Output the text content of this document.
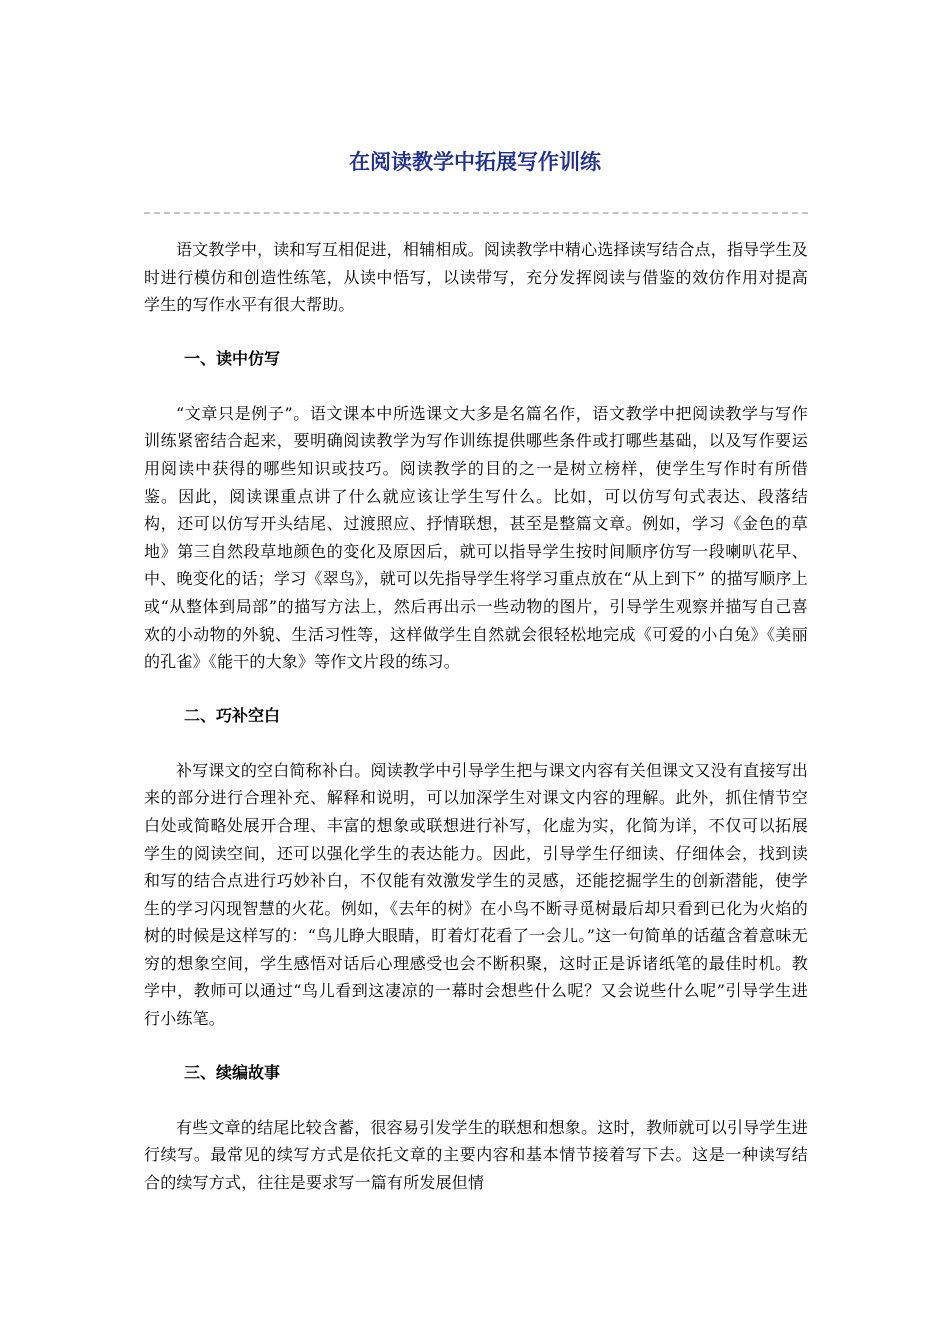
在阅读教学中拓展写作训练

语文教学中，读和写互相促进，相辅相成。阅读教学中精心选择读写结合点，指导学生及时进行模仿和创造性练笔，从读中悟写，以读带写，充分发挥阅读与借鉴的效仿作用对提高学生的写作水平有很大帮助。

一、读中仿写

“文章只是例子”。语文课本中所选课文大多是名篇名作，语文教学中把阅读教学与写作训练紧密结合起来，要明确阅读教学为写作训练提供哪些条件或打哪些基础，以及写作要运用阅读中获得的哪些知识或技巧。阅读教学的目的之一是树立榜样，使学生写作时有所借鉴。因此，阅读课重点讲了什么就应该让学生写什么。比如，可以仿写句式表达、段落结构，还可以仿写开头结尾、过渡照应、抒情联想，甚至是整篇文章。例如，学习《金色的草地》第三自然段草地颜色的变化及原因后，就可以指导学生按时间顺序仿写一段喇叭花早、中、晚变化的话；学习《翠鸟》，就可以先指导学生将学习重点放在“从上到下” 的描写顺序上或“从整体到局部”的描写方法上，然后再出示一些动物的图片，引导学生观察并描写自己喜欢的小动物的外貌、生活习性等，这样做学生自然就会很轻松地完成《可爱的小白兔》《美丽的孔雀》《能干的大象》等作文片段的练习。

二、巧补空白

补写课文的空白简称补白。阅读教学中引导学生把与课文内容有关但课文又没有直接写出来的部分进行合理补充、解释和说明，可以加深学生对课文内容的理解。此外，抓住情节空白处或简略处展开合理、丰富的想象或联想进行补写，化虚为实，化简为详，不仅可以拓展学生的阅读空间，还可以强化学生的表达能力。因此，引导学生仔细读、仔细体会，找到读和写的结合点进行巧妙补白，不仅能有效激发学生的灵感，还能挖掘学生的创新潜能，使学生的学习闪现智慧的火花。例如，《去年的树》在小鸟不断寻觅树最后却只看到已化为火焰的树的时候是这样写的：“鸟儿睁大眼睛，盯着灯花看了一会儿。”这一句简单的话蕴含着意味无穷的想象空间，学生感悟对话后心理感受也会不断积聚，这时正是诉诸纸笔的最佳时机。教学中，教师可以通过“鸟儿看到这凄凉的一幕时会想些什么呢？又会说些什么呢”引导学生进行小练笔。

三、续编故事

有些文章的结尾比较含蓄，很容易引发学生的联想和想象。这时，教师就可以引导学生进行续写。最常见的续写方式是依托文章的主要内容和基本情节接着写下去。这是一种读写结合的续写方式，往往是要求写一篇有所发展但情
